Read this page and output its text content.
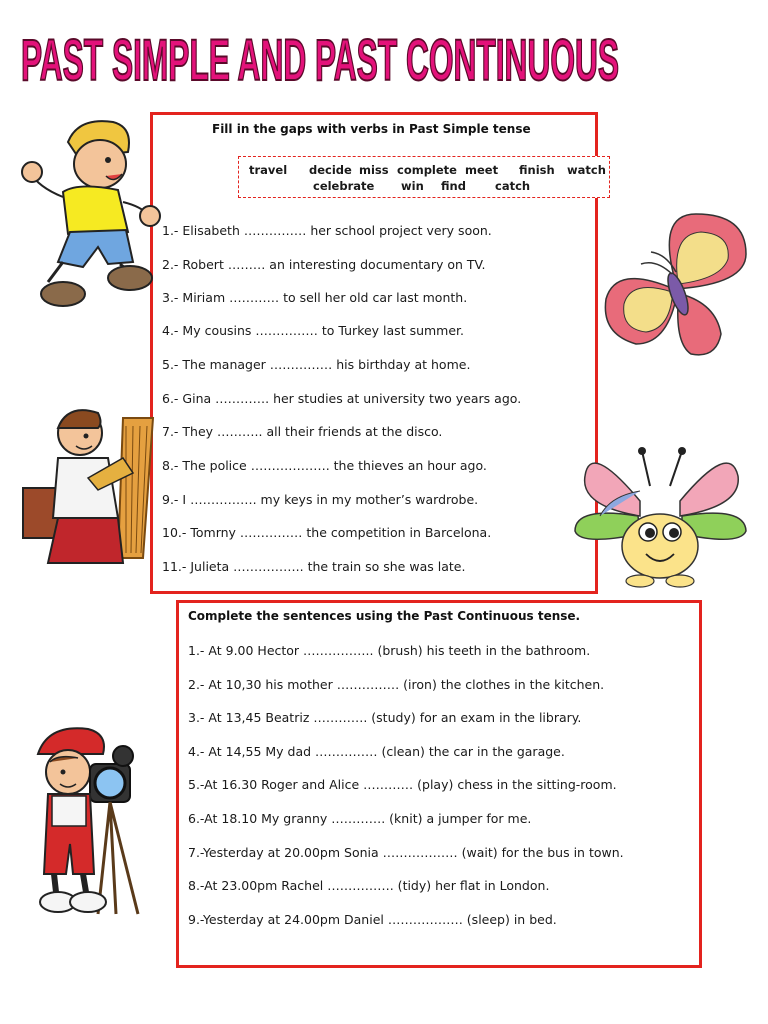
PAST SIMPLE AND PAST CONTINUOUS
Fill in the gaps with verbs in Past Simple tense
travel decide miss complete meet finish watch
celebrate win find	catch
1.- Elisabeth …………… her school project very soon.
2.- Robert ……… an interesting documentary on TV.
3.- Miriam ………… to sell her old car last month.
4.- My cousins …………… to Turkey last summer.
5.- The manager …………… his birthday at home.
6.- Gina …………. her studies at university two years ago.
7.- They ……….. all their friends at the disco.
8.- The police ………………. the thieves an hour ago.
9.- I ……………. my keys in my mother’s wardrobe.
10.- Tomrny …………… the competition in Barcelona.
11.- Julieta …………….. the train so she was late.
Complete the sentences using the Past Continuous tense.
1.- At 9.00 Hector …………….. (brush) his teeth in the bathroom.
2.- At 10,30 his mother …………… (iron) the clothes in the kitchen.
3.- At 13,45 Beatriz …………. (study) for an exam in the library.
4.- At 14,55 My dad …………… (clean) the car in the garage.
5.-At 16.30 Roger and Alice ………… (play) chess in the sitting-room.
6.-At 18.10 My granny …………. (knit) a jumper for me.
7.-Yesterday at 20.00pm Sonia ……………… (wait) for the bus in town.
8.-At 23.00pm Rachel ……………. (tidy) her flat in London.
9.-Yesterday at 24.00pm Daniel ……………… (sleep) in bed.
